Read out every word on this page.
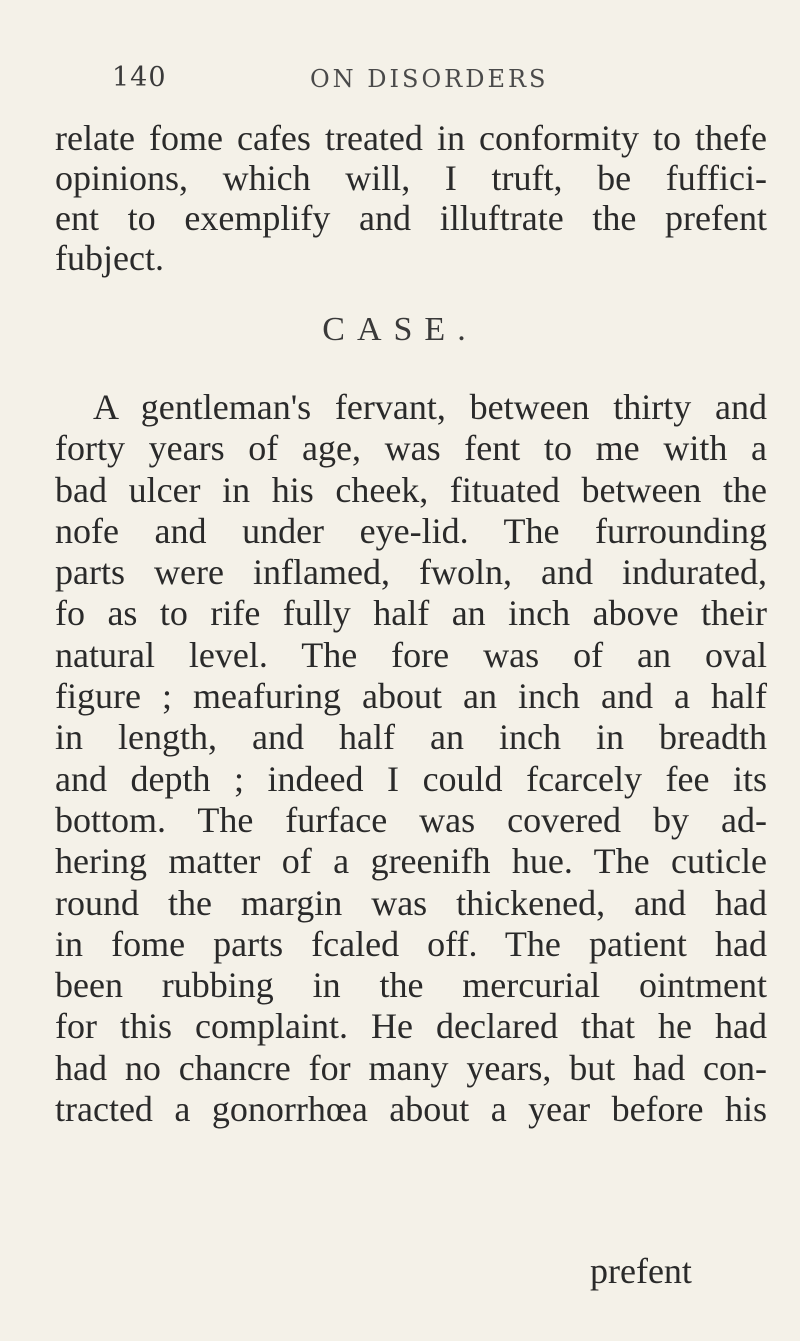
140	ON DISORDERS
relate fome cafes treated in conformity to thefe
opinions, which will, I truft, be fuffici-
ent to exemplify and illuftrate the prefent
fubject.
CASE.
A gentleman's fervant, between thirty and
forty years of age, was fent to me with a
bad ulcer in his cheek, fituated between the
nofe and under eye-lid. The furrounding
parts were inflamed, fwoln, and indurated,
fo as to rife fully half an inch above their
natural level. The fore was of an oval
figure ; meafuring about an inch and a half
in length, and half an inch in breadth
and depth ; indeed I could fcarcely fee its
bottom. The furface was covered by ad-
hering matter of a greenifh hue. The cuticle
round the margin was thickened, and had
in fome parts fcaled off. The patient had
been rubbing in the mercurial ointment
for this complaint. He declared that he had
had no chancre for many years, but had con-
tracted a gonorrhœa about a year before his
prefent
